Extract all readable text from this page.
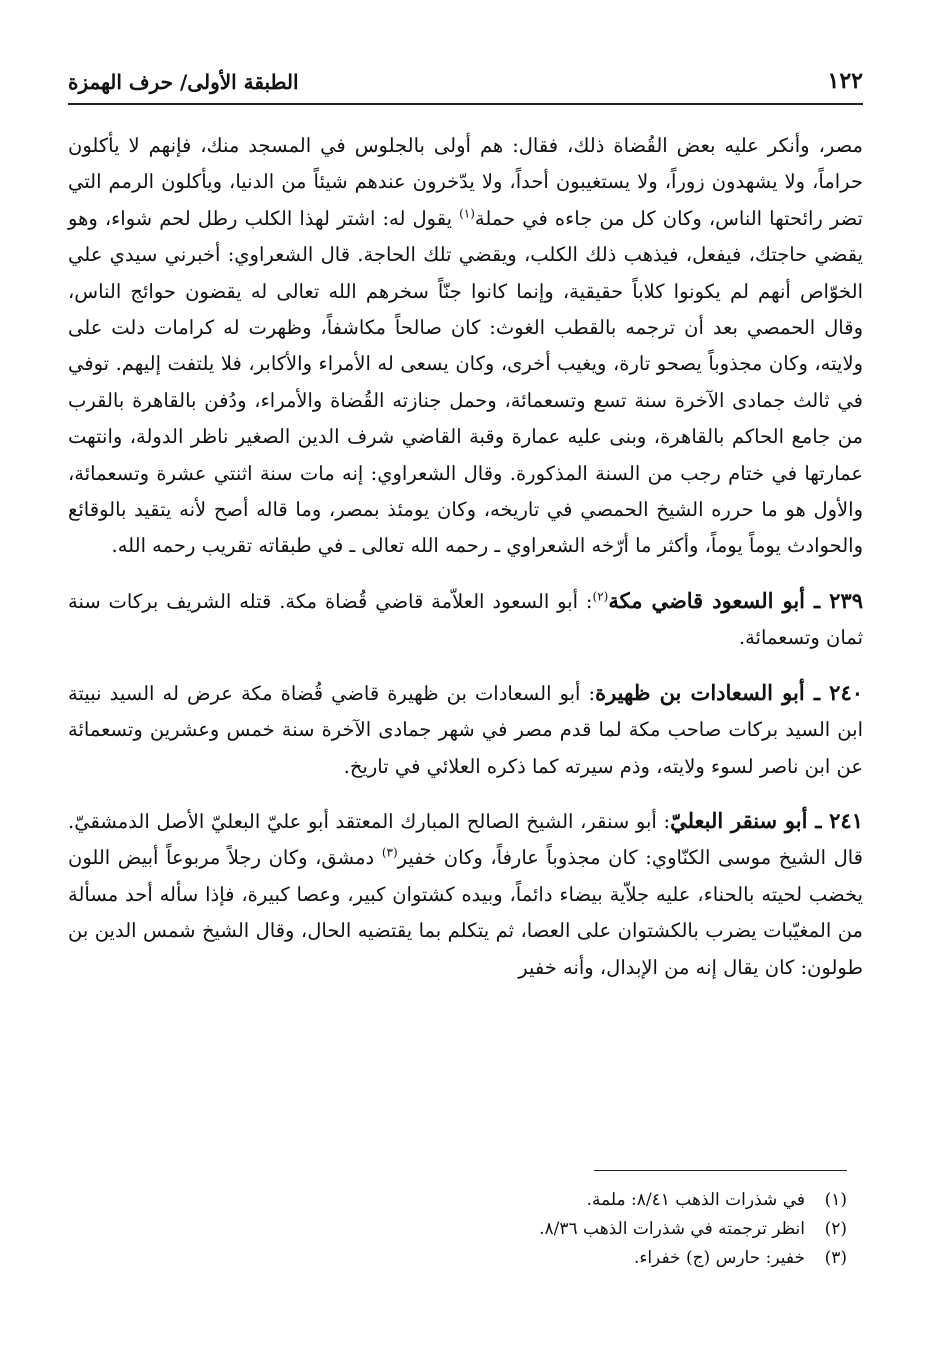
١٢٢
الطبقة الأولى/ حرف الهمزة

مصر، وأنكر عليه بعض القُضاة ذلك، فقال: هم أولى بالجلوس في المسجد منك، فإنهم لا يأكلون حراماً، ولا يشهدون زوراً، ولا يستغيبون أحداً، ولا يدّخرون عندهم شيئاً من الدنيا، ويأكلون الرمم التي تضر رائحتها الناس، وكان كل من جاءه في حملة$^{(١)}$ يقول له: اشتر لهذا الكلب رطل لحم شواء، وهو يقضي حاجتك، فيفعل، فيذهب ذلك الكلب، ويقضي تلك الحاجة. قال الشعراوي: أخبرني سيدي علي الخوّاص أنهم لم يكونوا كلاباً حقيقية، وإنما كانوا جنّاً سخرهم الله تعالى له يقضون حوائج الناس، وقال الحمصي بعد أن ترجمه بالقطب الغوث: كان صالحاً مكاشفاً، وظهرت له كرامات دلت على ولايته، وكان مجذوباً يصحو تارة، ويغيب أخرى، وكان يسعى له الأمراء والأكابر، فلا يلتفت إليهم. توفي في ثالث جمادى الآخرة سنة تسع وتسعمائة، وحمل جنازته القُضاة والأمراء، ودُفن بالقاهرة بالقرب من جامع الحاكم بالقاهرة، وبنى عليه عمارة وقبة القاضي شرف الدين الصغير ناظر الدولة، وانتهت عمارتها في ختام رجب من السنة المذكورة. وقال الشعراوي: إنه مات سنة اثنتي عشرة وتسعمائة، والأول هو ما حرره الشيخ الحمصي في تاريخه، وكان يومئذ بمصر، وما قاله أصح لأنه يتقيد بالوقائع والحوادث يوماً يوماً، وأكثر ما أرّخه الشعراوي ـ رحمه الله تعالى ـ في طبقاته تقريب رحمه الله.

٢٣٩ ـ أبو السعود قاضي مكة$^{(٢)}$: أبو السعود العلاّمة قاضي قُضاة مكة. قتله الشريف بركات سنة ثمان وتسعمائة.

٢٤٠ ـ أبو السعادات بن ظهيرة: أبو السعادات بن ظهيرة قاضي قُضاة مكة عرض له السيد نبيتة ابن السيد بركات صاحب مكة لما قدم مصر في شهر جمادى الآخرة سنة خمس وعشرين وتسعمائة عن ابن ناصر لسوء ولايته، وذم سيرته كما ذكره العلائي في تاريخ.

٢٤١ ـ أبو سنقر البعليّ: أبو سنقر، الشيخ الصالح المبارك المعتقد أبو عليّ البعليّ الأصل الدمشقيّ. قال الشيخ موسى الكنّاوي: كان مجذوباً عارفاً، وكان خفير$^{(٣)}$ دمشق، وكان رجلاً مربوعاً أبيض اللون يخضب لحيته بالحناء، عليه جلاّية بيضاء دائماً، وبيده كشتوان كبير، وعصا كبيرة، فإذا سأله أحد مسألة من المغيّبات يضرب بالكشتوان على العصا، ثم يتكلم بما يقتضيه الحال، وقال الشيخ شمس الدين بن طولون: كان يقال إنه من الإبدال، وأنه خفير

(١)في شذرات الذهب ٨/٤١: ملمة.
(٢)انظر ترجمته في شذرات الذهب ٨/٣٦.
(٣)خفير: حارس (ج) خفراء.
